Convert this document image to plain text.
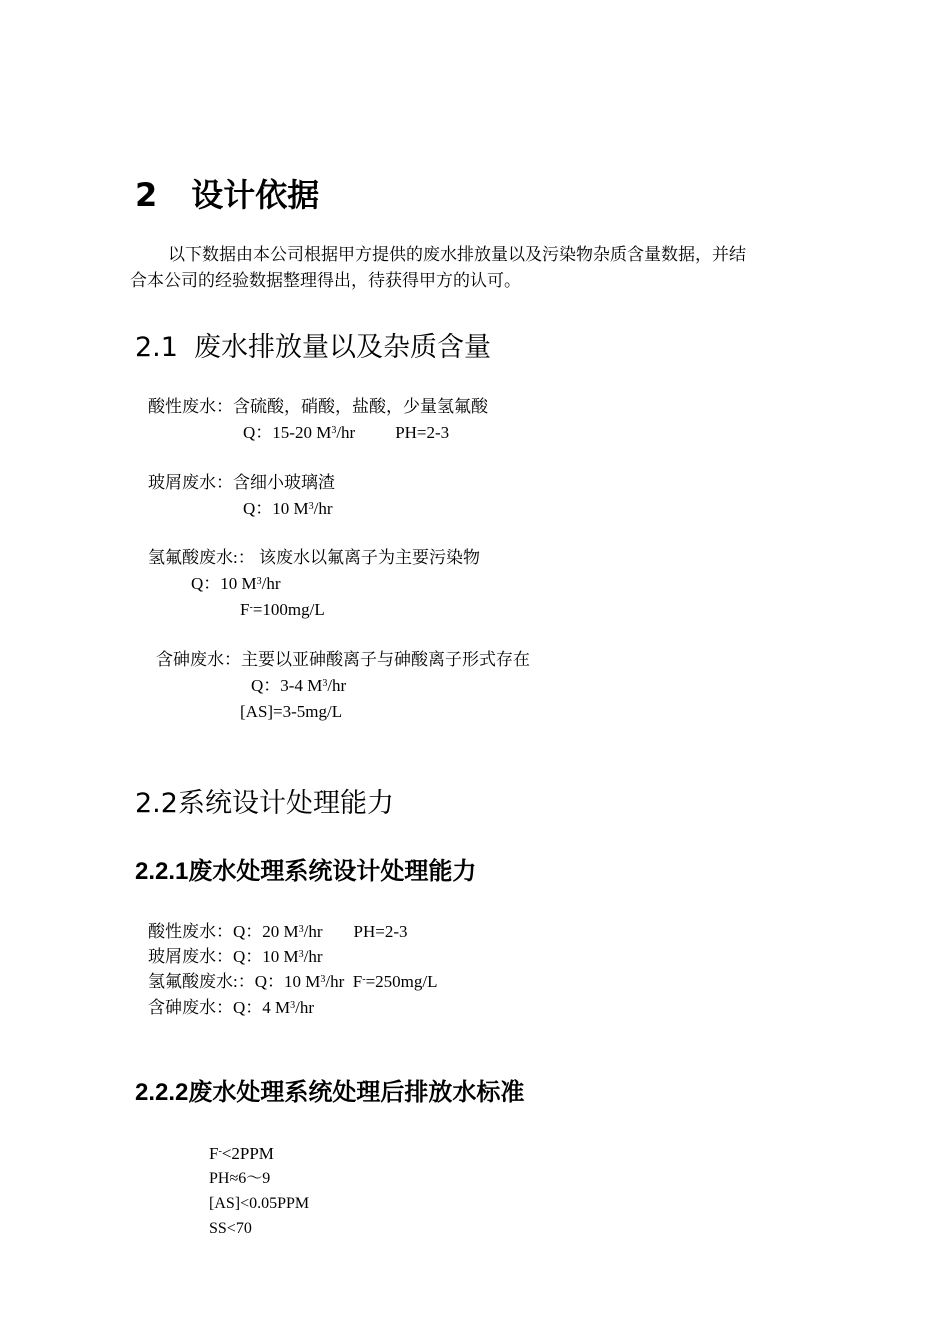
2 设计依据
以下数据由本公司根据甲方提供的废水排放量以及污染物杂质含量数据，并结
合本公司的经验数据整理得出，待获得甲方的认可。
2.1 废水排放量以及杂质含量
酸性废水：含硫酸，硝酸，盐酸，少量氢氟酸
Q：15-20 $M^3/hr$ PH=2-3
玻屑废水：含细小玻璃渣
Q：10 $M^3/hr$
氢氟酸废水:： 该废水以氟离子为主要污染物
Q：10 $M^3/hr$
F-=100mg/L
含砷废水：主要以亚砷酸离子与砷酸离子形式存在
Q：3-4 $M^3/hr$
[AS]=3-5mg/L
2.2系统设计处理能力
2.2.1废水处理系统设计处理能力
酸性废水：Q：20 $M^3/hr$ PH=2-3
玻屑废水：Q：10 $M^3/hr$
氢氟酸废水:：Q：10 $M^3/hr$  F-=250mg/L
含砷废水：Q：4 $M^3/hr$
2.2.2废水处理系统处理后排放水标准
F-<2PPM
PH≈6～9
[AS]<0.05PPM
SS<70
